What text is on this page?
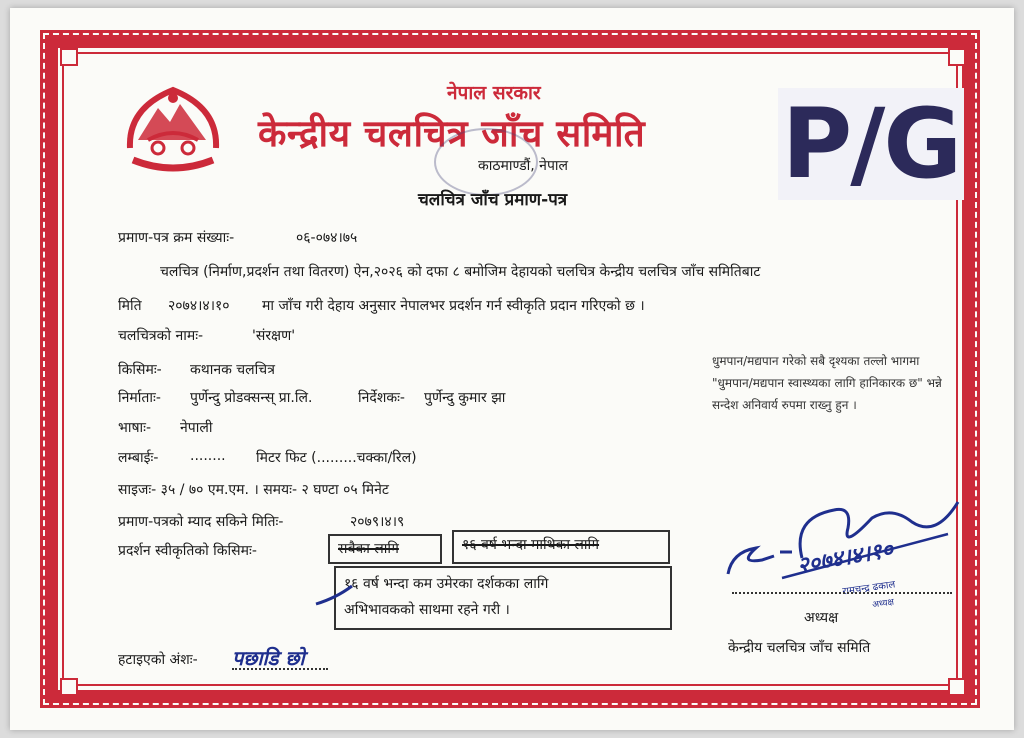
नेपाल सरकार
केन्द्रीय चलचित्र जाँच समिति
काठमाण्डौं, नेपाल
चलचित्र जाँच प्रमाण-पत्र P/G
प्रमाण-पत्र क्रम संख्याः-	०६-०७४।७५
चलचित्र (निर्माण,प्रदर्शन तथा वितरण) ऐन,२०२६ को दफा ८ बमोजिम देहायको चलचित्र केन्द्रीय चलचित्र जाँच समितिबाट
मिति २०७४।४।१० मा जाँच गरी देहाय अनुसार नेपालभर प्रदर्शन गर्न स्वीकृति प्रदान गरिएको छ ।
चलचित्रको नामः-	'संरक्षण'
किसिमः- कथानक चलचित्र
निर्माताः- पुर्णेन्दु प्रोडक्सन्स् प्रा.लि.	निर्देशकः- पुर्णेन्दु कुमार झा
भाषाः- नेपाली
लम्बाईः- ........ मिटर फिट (.........चक्का/रिल)
साइजः- ३५ / ७० एम.एम. । समयः- २ घण्टा ०५ मिनेट
प्रमाण-पत्रको म्याद सकिने मितिः-	२०७९।४।९
प्रदर्शन स्वीकृतिको किसिमः-	सबैका लागि	१६ वर्ष भन्दा माथिका लागि
१६ वर्ष भन्दा कम उमेरका दर्शकका लागि
अभिभावकको साथमा रहने गरी ।
हटाइएको अंशः- पछाडि छो
धुमपान/मद्यपान गरेको सबै दृश्यका तल्लो भागमा "धुमपान/मद्यपान स्वास्थ्यका लागि हानिकारक छ" भन्ने सन्देश अनिवार्य रुपमा राख्नु हुन ।
२०७४।४।१०
रामचन्द्र ढकाल
अध्यक्ष
अध्यक्ष
केन्द्रीय चलचित्र जाँच समिति
